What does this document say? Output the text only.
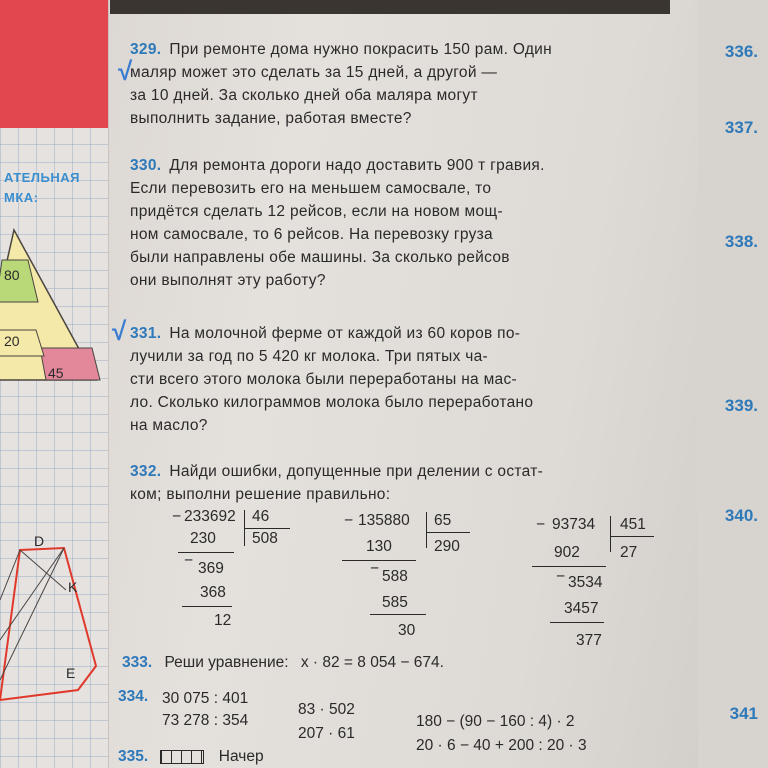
АТЕЛЬНАЯ
МКА:
80
20
45
D
K
E
336.
337.
338.
339.
340.
341
√
√
329. При ремонте дома нужно покрасить 150 рам. Один
маляр может это сделать за 15 дней, а другой —
за 10 дней. За сколько дней оба маляра могут
выполнить задание, работая вместе?
330. Для ремонта дороги надо доставить 900 т гравия.
Если перевозить его на меньшем самосвале, то
придётся сделать 12 рейсов, если на новом мощ-
ном самосвале, то 6 рейсов. На перевозку груза
были направлены обе машины. За сколько рейсов
они выполнят эту работу?
331. На молочной ферме от каждой из 60 коров по-
лучили за год по 5 420 кг молока. Три пятых ча-
сти всего этого молока были переработаны на мас-
ло. Сколько килограммов молока было переработано
на масло?
332. Найди ошибки, допущенные при делении с остат-
ком; выполни решение правильно:
− 233692 46
508
230
− 369
368
12
− 135880 65
290
130
− 588
585
30
− 93734 451
27
902
− 3534
3457
377
333. Реши уравнение: x · 82 = 8 054 − 674.
334. 30 075 : 401
73 278 : 354
83 · 502
207 · 61
180 − (90 − 160 : 4) · 2
20 · 6 − 40 + 200 : 20 · 3
335.	Начер
